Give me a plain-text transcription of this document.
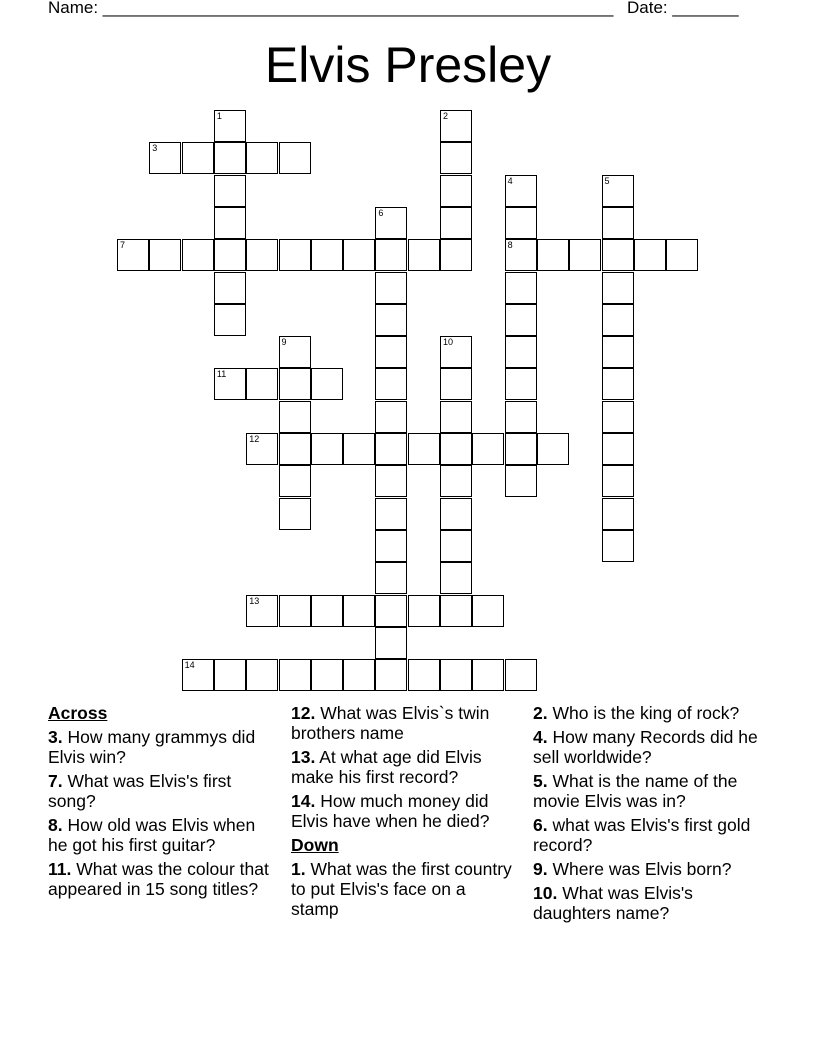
Name: ______________________________________________________ Date: _______
Elvis Presley
1	2
3
4
8
5
6
7
9	10
11
12
13
14
Across
3. How many grammys did Elvis win?
7. What was Elvis's first song?
8. How old was Elvis when he got his first guitar?
11. What was the colour that appeared in 15 song titles?
12. What was Elvis`s twin brothers name
13. At what age did Elvis make his first record?
14. How much money did Elvis have when he died?
Down
1. What was the first country to put Elvis's face on a stamp
2. Who is the king of rock?
4. How many Records did he sell worldwide?
5. What is the name of the movie Elvis was in?
6. what was Elvis's first gold record?
9. Where was Elvis born?
10. What was Elvis's daughters name?
